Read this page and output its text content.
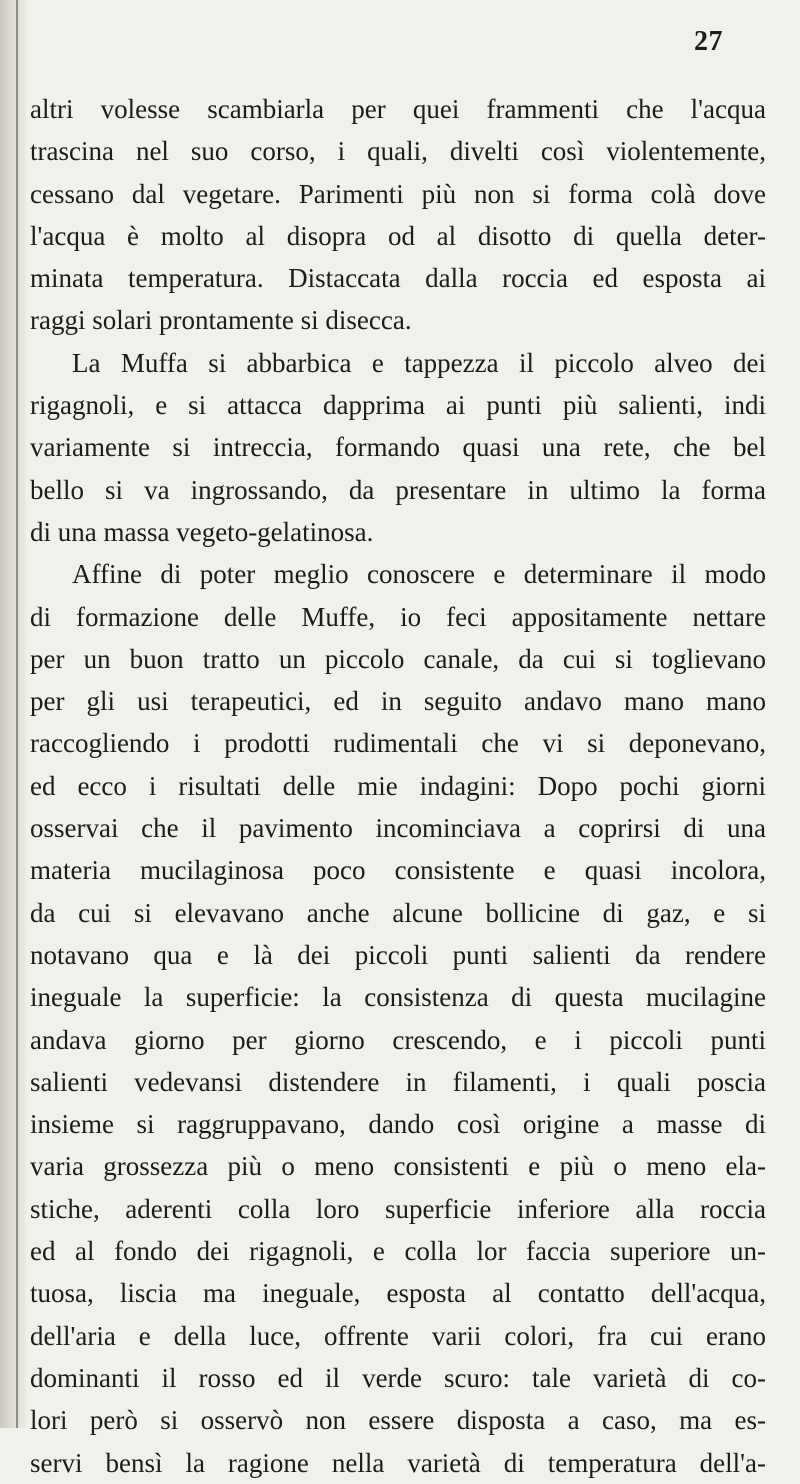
27
altri volesse scambiarla per quei frammenti che l'acqua
trascina nel suo corso, i quali, divelti così violentemente,
cessano dal vegetare. Parimenti più non si forma colà dove
l'acqua è molto al disopra od al disotto di quella deter-
minata temperatura. Distaccata dalla roccia ed esposta ai
raggi solari prontamente si disecca.
La Muffa si abbarbica e tappezza il piccolo alveo dei
rigagnoli, e si attacca dapprima ai punti più salienti, indi
variamente si intreccia, formando quasi una rete, che bel
bello si va ingrossando, da presentare in ultimo la forma
di una massa vegeto-gelatinosa.
Affine di poter meglio conoscere e determinare il modo
di formazione delle Muffe, io feci appositamente nettare
per un buon tratto un piccolo canale, da cui si toglievano
per gli usi terapeutici, ed in seguito andavo mano mano
raccogliendo i prodotti rudimentali che vi si deponevano,
ed ecco i risultati delle mie indagini: Dopo pochi giorni
osservai che il pavimento incominciava a coprirsi di una
materia mucilaginosa poco consistente e quasi incolora,
da cui si elevavano anche alcune bollicine di gaz, e si
notavano qua e là dei piccoli punti salienti da rendere
ineguale la superficie: la consistenza di questa mucilagine
andava giorno per giorno crescendo, e i piccoli punti
salienti vedevansi distendere in filamenti, i quali poscia
insieme si raggruppavano, dando così origine a masse di
varia grossezza più o meno consistenti e più o meno ela-
stiche, aderenti colla loro superficie inferiore alla roccia
ed al fondo dei rigagnoli, e colla lor faccia superiore un-
tuosa, liscia ma ineguale, esposta al contatto dell'acqua,
dell'aria e della luce, offrente varii colori, fra cui erano
dominanti il rosso ed il verde scuro: tale varietà di co-
lori però si osservò non essere disposta a caso, ma es-
servi bensì la ragione nella varietà di temperatura dell'a-
